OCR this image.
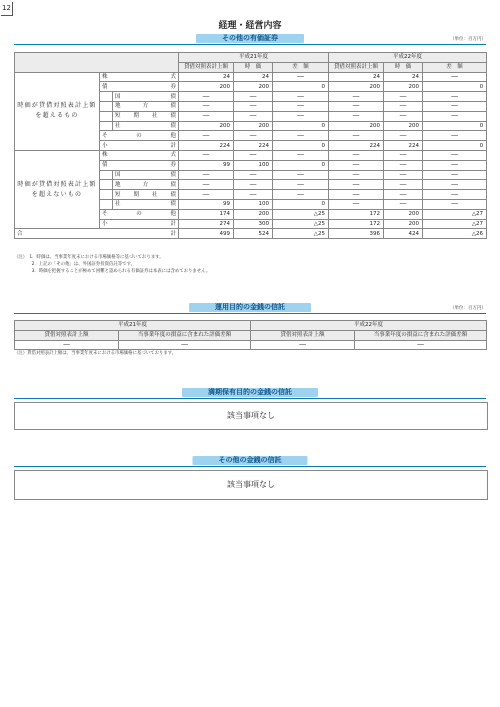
12
経理・経営内容
その他の有価証券	（単位：百万円）
			平成21年度			平成22年度		
			貸借対照表計上額	時　価	差　額	貸借対照表計上額	時　価	差　額
時価が貸借対照表計上額を超えるもの	株　　　　　式		24	24	──	24	24	──
	債　　　　　券		200	200	0	200	200	0
		国　　　債	──	──	──	──	──	──
		地　方　債	──	──	──	──	──	──
		短　期　社　債	──	──	──	──	──	──
		社　　　債	200	200	0	200	200	0
	そ　　の　　他		──	──	──	──	──	──
	小　　　　　計		224	224	0	224	224	0
時価が貸借対照表計上額を超えないもの	株　　　　　式		──	──	──	──	──	──
	債　　　　　券		99	100	0	──	──	──
		国　　　債	──	──	──	──	──	──
		地　方　債	──	──	──	──	──	──
		短　期　社　債	──	──	──	──	──	──
		社　　　債	99	100	0	──	──	──
	そ　　の　　他		174	200	△25	172	200	△27
	小　　　　　計		274	300	△25	172	200	△27
合　　　　　　　　　計			499	524	△25	396	424	△26
（注）　1．時価は、当事業年度末における市場価格等に基づいております。
　　　　2．上記の「その他」は、外国証券投資信託等です。
　　　　3．時価を把握することが極めて困難と認められる有価証券は本表には含めておりません。
運用目的の金銭の信託	（単位：百万円）
平成21年度		平成22年度	
貸借対照表計上額	当事業年度の損益に含まれた評価差額	貸借対照表計上額	当事業年度の損益に含まれた評価差額
──	──	──	──
（注）貸借対照表計上額は、当事業年度末における市場価格に基づいております。
満期保有目的の金銭の信託
該当事項なし
その他の金銭の信託
該当事項なし
